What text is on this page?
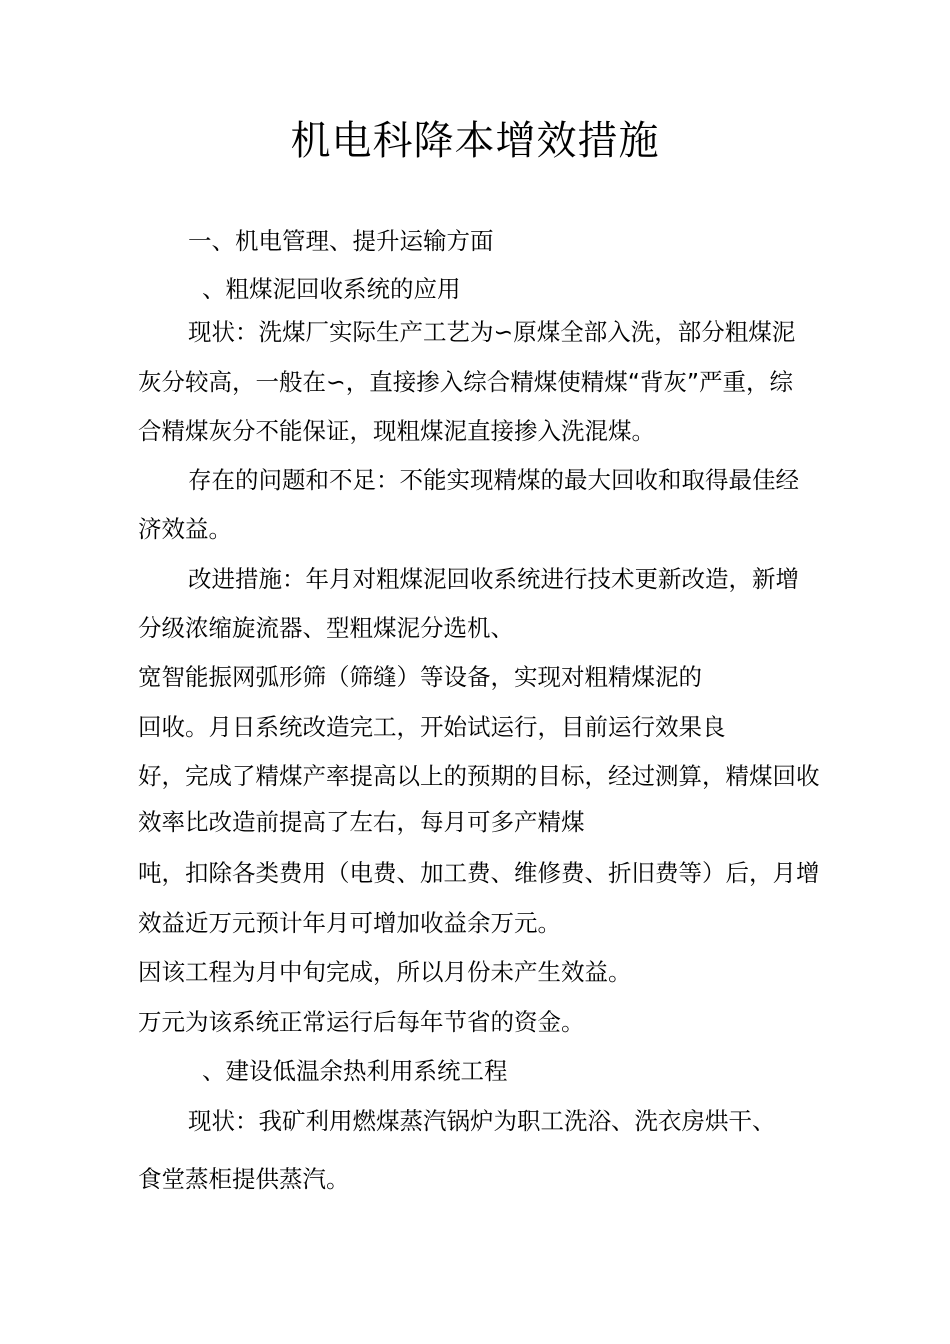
机电科降本增效措施
一、机电管理、提升运输方面
、粗煤泥回收系统的应用
现状：洗煤厂实际生产工艺为∽原煤全部入洗，部分粗煤泥
灰分较高，一般在∽，直接掺入综合精煤使精煤“背灰”严重，综
合精煤灰分不能保证，现粗煤泥直接掺入洗混煤。
存在的问题和不足：不能实现精煤的最大回收和取得最佳经
济效益。
改进措施：年月对粗煤泥回收系统进行技术更新改造，新增
分级浓缩旋流器、型粗煤泥分选机、
宽智能振网弧形筛（筛缝）等设备，实现对粗精煤泥的
回收。月日系统改造完工，开始试运行，目前运行效果良
好，完成了精煤产率提高以上的预期的目标，经过测算，精煤回收
效率比改造前提高了左右，每月可多产精煤
吨，扣除各类费用（电费、加工费、维修费、折旧费等）后，月增
效益近万元预计年月可增加收益余万元。
因该工程为月中旬完成，所以月份未产生效益。
万元为该系统正常运行后每年节省的资金。
、建设低温余热利用系统工程
现状：我矿利用燃煤蒸汽锅炉为职工洗浴、洗衣房烘干、
食堂蒸柜提供蒸汽。
